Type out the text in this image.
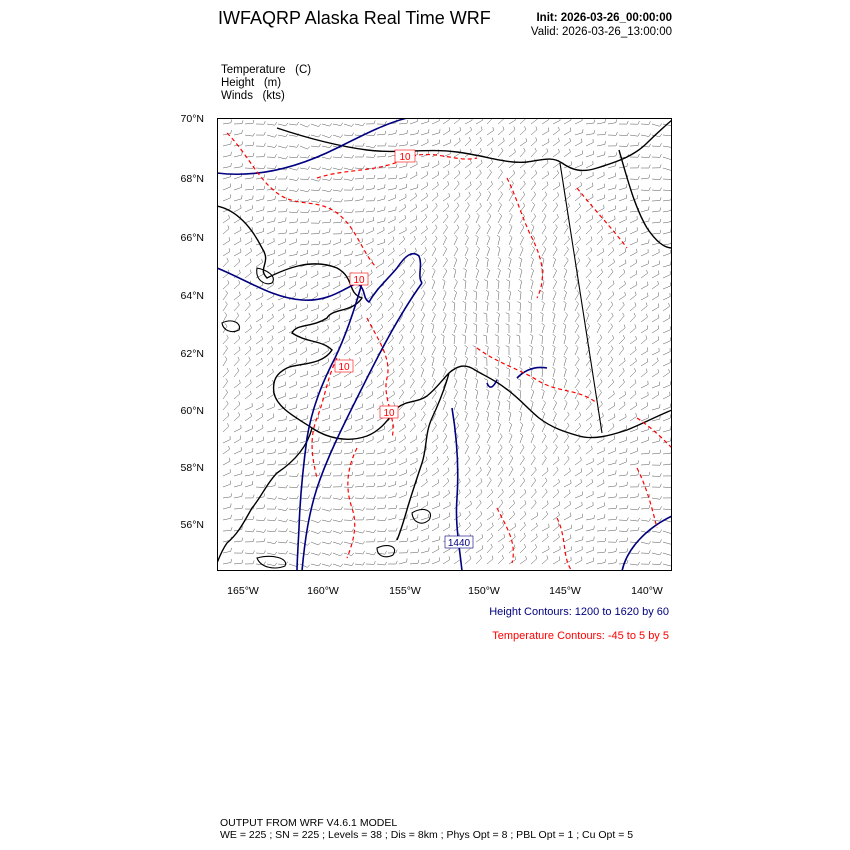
IWFAQRP Alaska Real Time WRF	Init: 2026-03-26_00:00:00
Valid: 2026-03-26_13:00:00
Temperature   (C)
Height   (m)
Winds   (kts)
70°N
68°N
66°N
64°N
62°N
60°N
58°N
56°N
165°W	160°W	155°W	150°W	145°W	140°W
10
10
10
10
1440
Height Contours: 1200 to 1620 by 60
Temperature Contours: -45 to 5 by 5
OUTPUT FROM WRF V4.6.1 MODEL
WE = 225 ; SN = 225 ; Levels = 38 ; Dis = 8km ; Phys Opt = 8 ; PBL Opt = 1 ; Cu Opt = 5
